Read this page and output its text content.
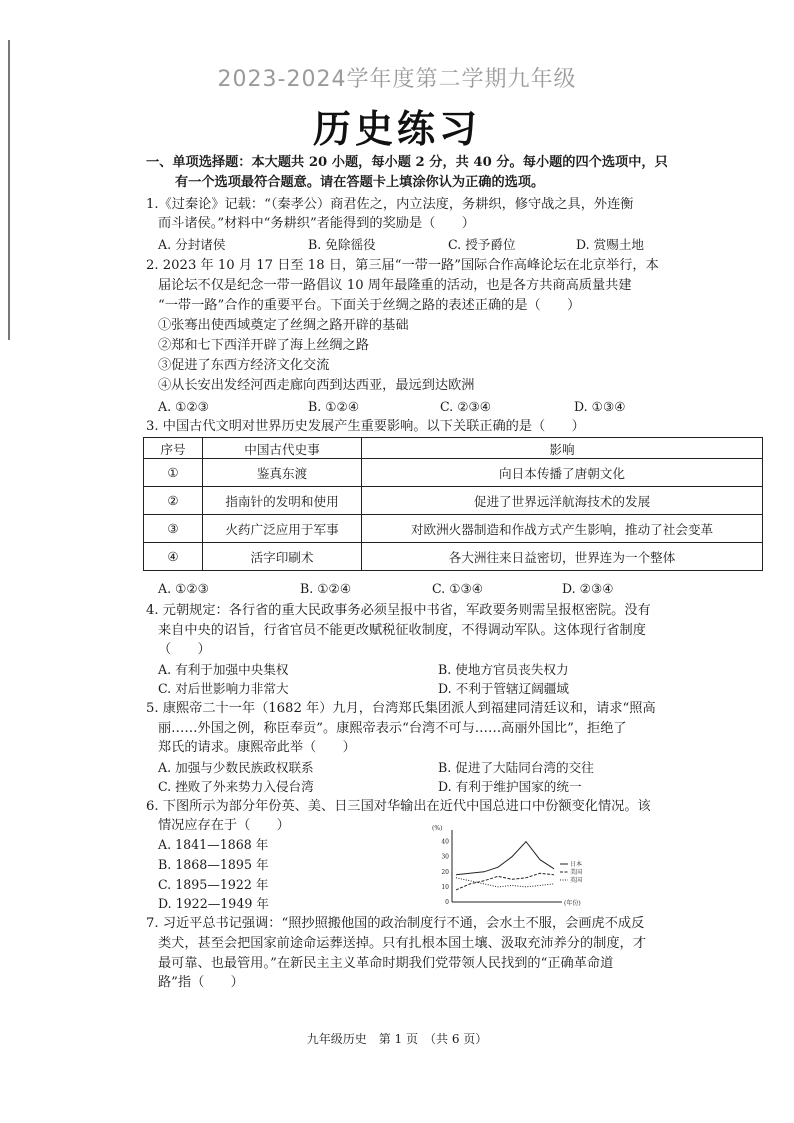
2023-2024学年度第二学期九年级
历史练习
一、单项选择题：本大题共 20 小题，每小题 2 分，共 40 分。每小题的四个选项中，只
有一个选项最符合题意。请在答题卡上填涂你认为正确的选项。
1.《过秦论》记载：“（秦孝公）商君佐之，内立法度，务耕织，修守战之具，外连衡
而斗诸侯。”材料中“务耕织”者能得到的奖励是（　　）
A. 分封诸侯	B. 免除徭役	C. 授予爵位	D. 赏赐土地
2. 2023 年 10 月 17 日至 18 日，第三届“一带一路”国际合作高峰论坛在北京举行，本
届论坛不仅是纪念一带一路倡议 10 周年最隆重的活动，也是各方共商高质量共建
“一带一路”合作的重要平台。下面关于丝绸之路的表述正确的是（　　）
①张骞出使西域奠定了丝绸之路开辟的基础
②郑和七下西洋开辟了海上丝绸之路
③促进了东西方经济文化交流
④从长安出发经河西走廊向西到达西亚，最远到达欧洲
A. ①②③	B. ①②④	C. ②③④	D. ①③④
3. 中国古代文明对世界历史发展产生重要影响。以下关联正确的是（　　）
序号	中国古代史事	影响
①	鉴真东渡	向日本传播了唐朝文化
②	指南针的发明和使用	促进了世界远洋航海技术的发展
③	火药广泛应用于军事	对欧洲火器制造和作战方式产生影响，推动了社会变革
④	活字印刷术	各大洲往来日益密切，世界连为一个整体
A. ①②③	B. ①②④	C. ①③④	D. ②③④
4. 元朝规定：各行省的重大民政事务必须呈报中书省，军政要务则需呈报枢密院。没有
来自中央的诏旨，行省官员不能更改赋税征收制度，不得调动军队。这体现行省制度
（　　）
A. 有利于加强中央集权	B. 使地方官员丧失权力
C. 对后世影响力非常大	D. 不利于管辖辽阔疆域
5. 康熙帝二十一年（1682 年）九月，台湾郑氏集团派人到福建同清廷议和，请求“照高
丽……外国之例，称臣奉贡”。康熙帝表示“台湾不可与……高丽外国比”，拒绝了
郑氏的请求。康熙帝此举（　　）
A. 加强与少数民族政权联系	B. 促进了大陆同台湾的交往
C. 挫败了外来势力入侵台湾	D. 有利于维护国家的统一
6. 下图所示为部分年份英、美、日三国对华输出在近代中国总进口中份额变化情况。该
情况应存在于（　　）
A. 1841—1868 年
B. 1868—1895 年
C. 1895—1922 年
D. 1922—1949 年
(%)
40
30
20
10
0	(年份)
日本
美国
英国
7. 习近平总书记强调：“照抄照搬他国的政治制度行不通，会水土不服，会画虎不成反
类犬，甚至会把国家前途命运葬送掉。只有扎根本国土壤、汲取充沛养分的制度，才
最可靠、也最管用。”在新民主主义革命时期我们党带领人民找到的“正确革命道
路”指（　　）
九年级历史　第 1 页　（共 6 页）
